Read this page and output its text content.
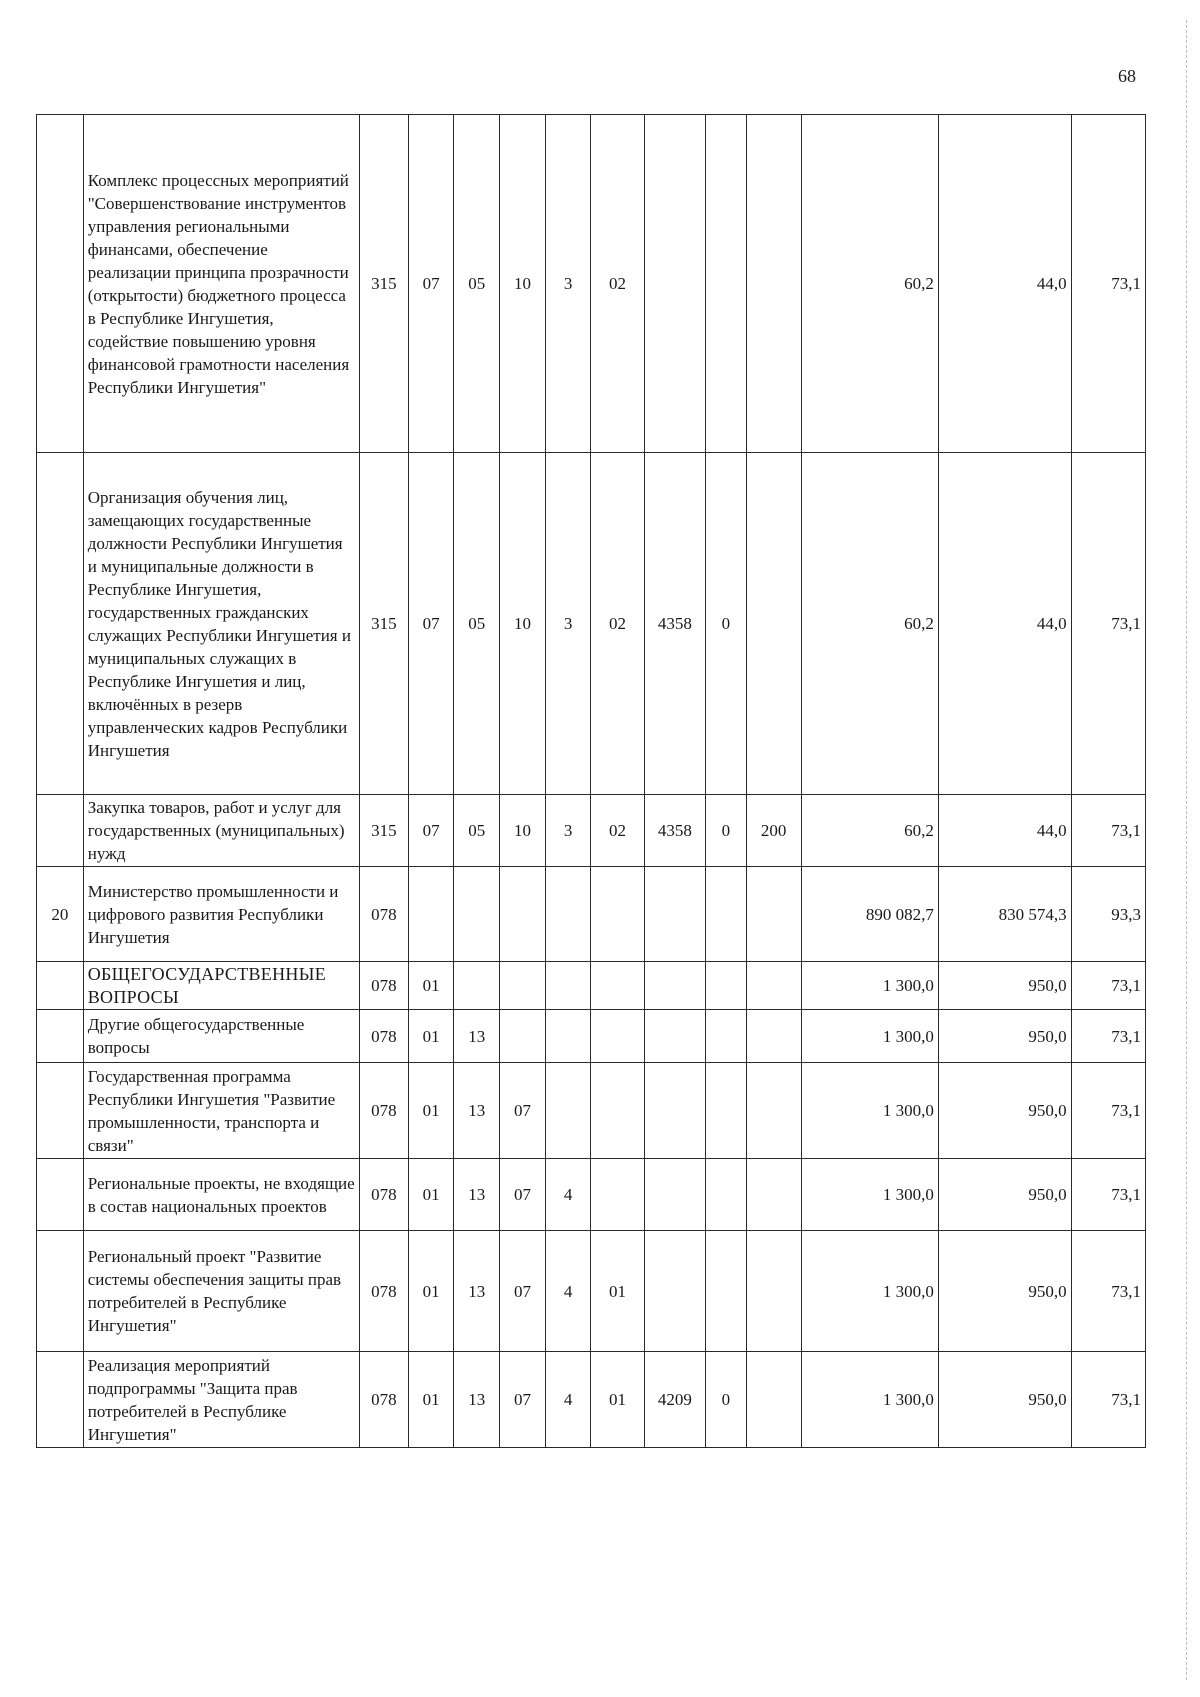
68
	Комплекс процессных мероприятий "Совершенствование инструментов управления региональными финансами, обеспечение реализации принципа прозрачности (открытости) бюджетного процесса в Республике Ингушетия, содействие повышению уровня финансовой грамотности населения Республики Ингушетия"	315	07	05	10	3	02				60,2	44,0	73,1
	Организация обучения лиц, замещающих государственные должности Республики Ингушетия и муниципальные должности в Республике Ингушетия, государственных гражданских служащих Республики Ингушетия и муниципальных служащих в Республике Ингушетия и лиц, включённых в резерв управленческих кадров Республики Ингушетия	315	07	05	10	3	02	4358	0		60,2	44,0	73,1
	Закупка товаров, работ и услуг для государственных (муниципальных) нужд	315	07	05	10	3	02	4358	0	200	60,2	44,0	73,1
20	Министерство промышленности и цифрового развития Республики Ингушетия	078									890 082,7	830 574,3	93,3
	ОБЩЕГОСУДАРСТВЕННЫЕ ВОПРОСЫ	078	01								1 300,0	950,0	73,1
	Другие общегосударственные вопросы	078	01	13							1 300,0	950,0	73,1
	Государственная программа Республики Ингушетия "Развитие промышленности, транспорта и связи"	078	01	13	07						1 300,0	950,0	73,1
	Региональные проекты, не входящие в состав национальных проектов	078	01	13	07	4					1 300,0	950,0	73,1
	Региональный проект "Развитие системы обеспечения защиты прав потребителей в Республике Ингушетия"	078	01	13	07	4	01				1 300,0	950,0	73,1
	Реализация мероприятий подпрограммы "Защита прав потребителей в Республике Ингушетия"	078	01	13	07	4	01	4209	0		1 300,0	950,0	73,1
